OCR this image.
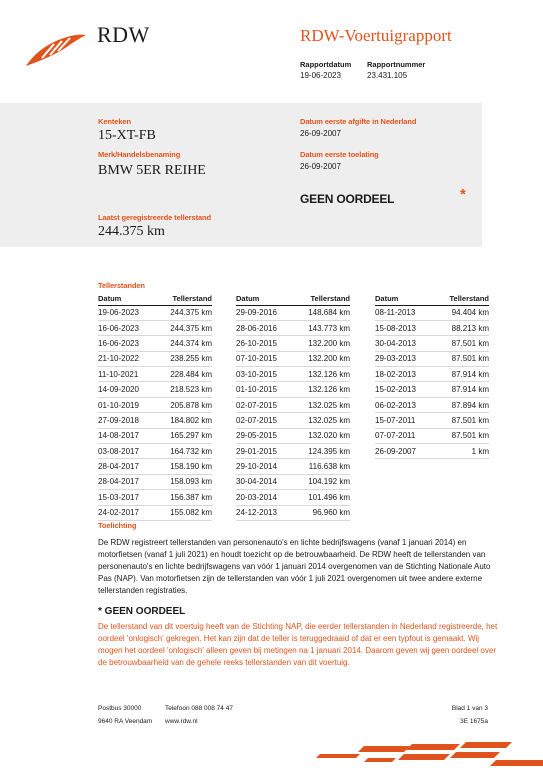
RDW	RDW-Voertuigrapport
Rapportdatum
19-06-2023
Rapportnummer
23.431.105
Kenteken
15-XT-FB
Merk/Handelsbenaming
BMW 5ER REIHE
Laatst geregistreerde tellerstand
244.375 km
Datum eerste afgifte in Nederland
26-09-2007
Datum eerste toelating
26-09-2007
GEEN OORDEEL	*
Tellerstanden
Datum	Tellerstand
19-06-2023	244.375 km
16-06-2023	244.375 km
16-06-2023	244.374 km
21-10-2022	238.255 km
11-10-2021	228.484 km
14-09-2020	218.523 km
01-10-2019	205.878 km
27-09-2018	184.802 km
14-08-2017	165.297 km
03-08-2017	164.732 km
28-04-2017	158.190 km
28-04-2017	158.093 km
15-03-2017	156.387 km
24-02-2017	155.082 km
Datum	Tellerstand
29-09-2016	148.684 km
28-06-2016	143.773 km
26-10-2015	132.200 km
07-10-2015	132.200 km
03-10-2015	132.126 km
01-10-2015	132.126 km
02-07-2015	132.025 km
02-07-2015	132.025 km
29-05-2015	132.020 km
29-01-2015	124.395 km
29-10-2014	116.638 km
30-04-2014	104.192 km
20-03-2014	101.496 km
24-12-2013	96.960 km
Datum	Tellerstand
08-11-2013	94.404 km
15-08-2013	88.213 km
30-04-2013	87.501 km
29-03-2013	87.501 km
18-02-2013	87.914 km
15-02-2013	87.914 km
06-02-2013	87.894 km
15-07-2011	87.501 km
07-07-2011	87.501 km
26-09-2007	1 km
Toelichting
De RDW registreert tellerstanden van personenauto's en lichte bedrijfswagens (vanaf 1 januari 2014) en motorfietsen (vanaf 1 juli 2021) en houdt toezicht op de betrouwbaarheid. De RDW heeft de tellerstanden van personenauto's en lichte bedrijfswagens van vóór 1 januari 2014 overgenomen van de Stichting Nationale Auto Pas (NAP). Van motorfietsen zijn de tellerstanden van vóór 1 juli 2021 overgenomen uit twee andere externe tellerstanden registraties.
* GEEN OORDEEL
De tellerstand van dit voertuig heeft van de Stichting NAP, die eerder tellerstanden in Nederland registreerde, het oordeel 'onlogisch' gekregen. Het kan zijn dat de teller is teruggedraaid of dat er een typfout is gemaakt. Wij mogen het oordeel 'onlogisch' alleen geven bij metingen na 1 januari 2014. Daarom geven wij geen oordeel over de betrouwbaarheid van de gehele reeks tellerstanden van dit voertuig.
Postbus 30000
9640 RA Veendam
Telefoon 088 008 74 47
www.rdw.nl
Blad 1 van 3
3E 1675a
